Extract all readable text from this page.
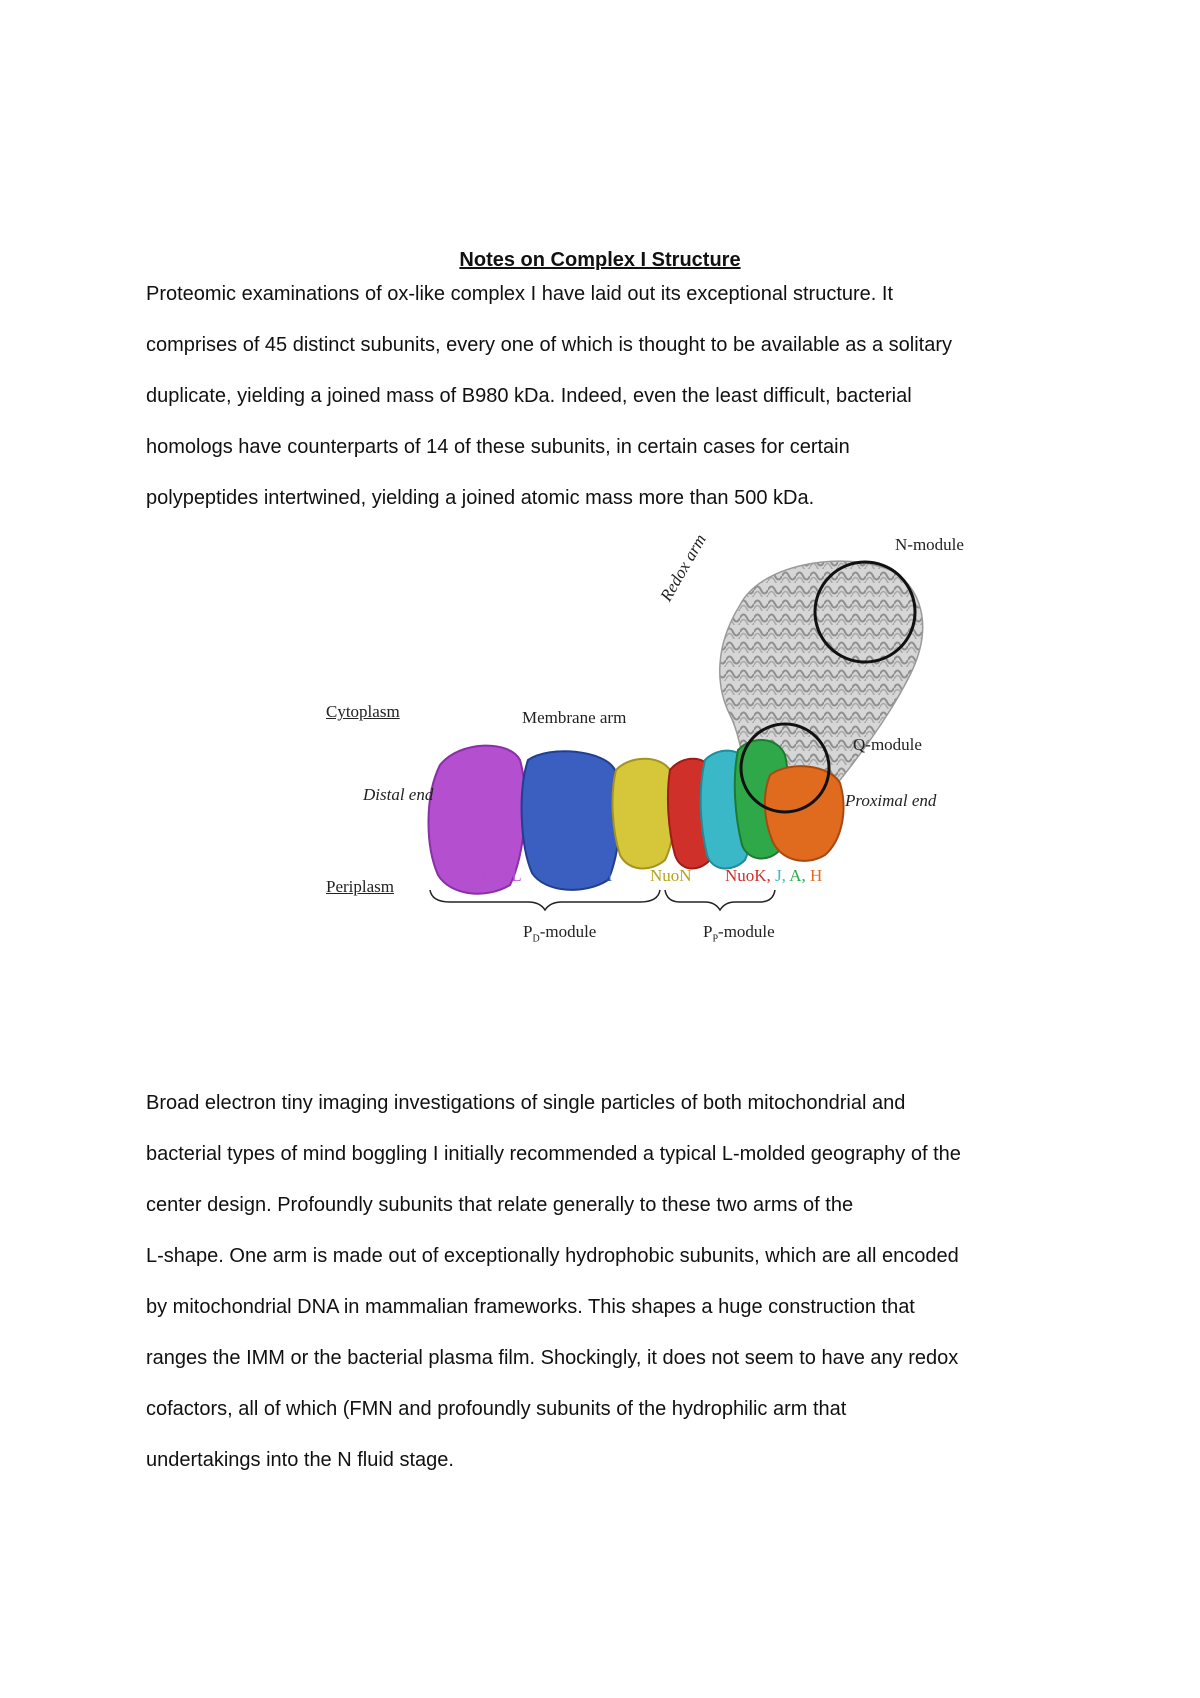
Notes on Complex I Structure
Proteomic examinations of ox-like complex I have laid out its exceptional structure. It
comprises of 45 distinct subunits, every one of which is thought to be available as a solitary
duplicate, yielding a joined mass of B980 kDa. Indeed, even the least difficult, bacterial
homologs have counterparts of 14 of these subunits, in certain cases for certain
polypeptides intertwined, yielding a joined atomic mass more than 500 kDa.
N-module
Redox arm
Cytoplasm	Membrane arm
Q-module
Distal end	Proximal end
Periplasm
NuoL	NuoM NuoN NuoK, J, A, H
$P_D$-module	$P_P$-module
Broad electron tiny imaging investigations of single particles of both mitochondrial and
bacterial types of mind boggling I initially recommended a typical L-molded geography of the
center design. Profoundly subunits that relate generally to these two arms of the
L-shape. One arm is made out of exceptionally hydrophobic subunits, which are all encoded
by mitochondrial DNA in mammalian frameworks. This shapes a huge construction that
ranges the IMM or the bacterial plasma film. Shockingly, it does not seem to have any redox
cofactors, all of which (FMN and profoundly subunits of the hydrophilic arm that
undertakings into the N fluid stage.
